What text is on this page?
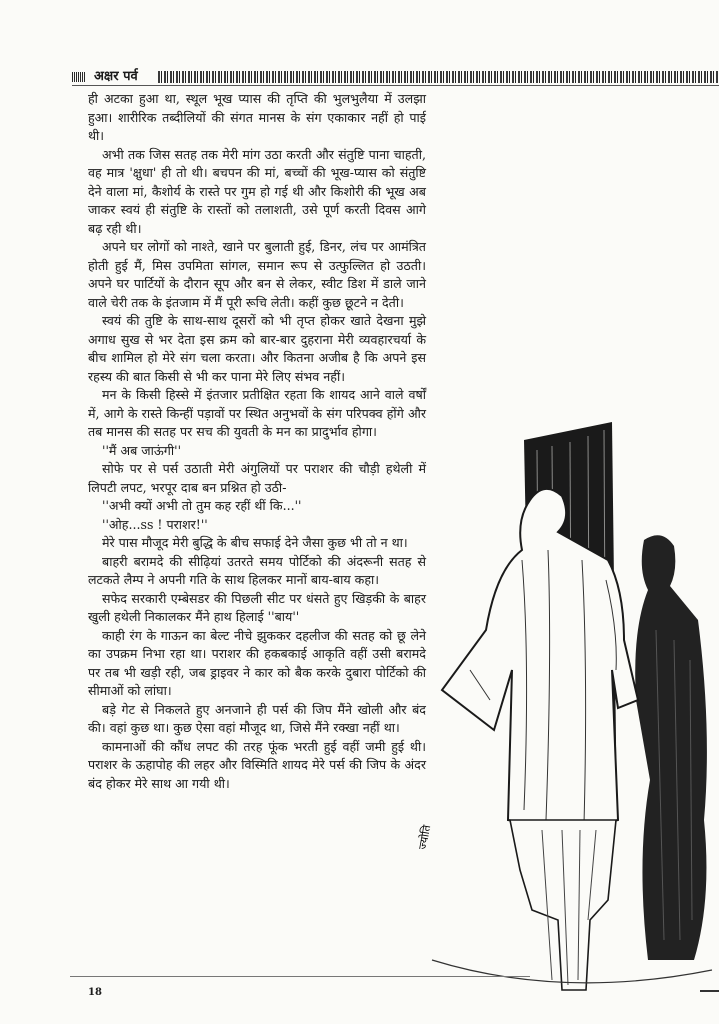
अक्षर पर्व

ही अटका हुआ था, स्थूल भूख प्यास की तृप्ति की भुलभुलैया में उलझा हुआ। शारीरिक तब्दीलियों की संगत मानस के संग एकाकार नहीं हो पाई थी।

अभी तक जिस सतह तक मेरी मांग उठा करती और संतुष्टि पाना चाहती, वह मात्र 'क्षुधा' ही तो थी। बचपन की मां, बच्चों की भूख-प्यास को संतुष्टि देने वाला मां, कैशोर्य के रास्ते पर गुम हो गई थी और किशोरी की भूख अब जाकर स्वयं ही संतुष्टि के रास्तों को तलाशती, उसे पूर्ण करती दिवस आगे बढ़ रही थी।

अपने घर लोगों को नाश्ते, खाने पर बुलाती हुई, डिनर, लंच पर आमंत्रित होती हुई मैं, मिस उपमिता सांगल, समान रूप से उत्फुल्लित हो उठती। अपने घर पार्टियों के दौरान सूप और बन से लेकर, स्वीट डिश में डाले जाने वाले चेरी तक के इंतजाम में मैं पूरी रूचि लेती। कहीं कुछ छूटने न देती।

स्वयं की तुष्टि के साथ-साथ दूसरों को भी तृप्त होकर खाते देखना मुझे अगाध सुख से भर देता इस क्रम को बार-बार दुहराना मेरी व्यवहारचर्या के बीच शामिल हो मेरे संग चला करता। और कितना अजीब है कि अपने इस रहस्य की बात किसी से भी कर पाना मेरे लिए संभव नहीं।

मन के किसी हिस्से में इंतजार प्रतीक्षित रहता कि शायद आने वाले वर्षों में, आगे के रास्ते किन्हीं पड़ावों पर स्थित अनुभवों के संग परिपक्व होंगे और तब मानस की सतह पर सच की युवती के मन का प्रादुर्भाव होगा।

''मैं अब जाऊंगी''

सोफे पर से पर्स उठाती मेरी अंगुलियों पर पराशर की चौड़ी हथेली में लिपटी लपट, भरपूर दाब बन प्रश्नित हो उठी-

''अभी क्यों अभी तो तुम कह रहीं थीं कि...''

''ओह...ss ! पराशर!''

मेरे पास मौजूद मेरी बुद्धि के बीच सफाई देने जैसा कुछ भी तो न था।

बाहरी बरामदे की सीढ़ियां उतरते समय पोर्टिको की अंदरूनी सतह से लटकते लैम्प ने अपनी गति के साथ हिलकर मानों बाय-बाय कहा।

सफेद सरकारी एम्बेसडर की पिछली सीट पर धंसते हुए खिड़की के बाहर खुली हथेली निकालकर मैंने हाथ हिलाई ''बाय''

काही रंग के गाऊन का बेल्ट नीचे झुककर दहलीज की सतह को छू लेने का उपक्रम निभा रहा था। पराशर की हकबकाई आकृति वहीं उसी बरामदे पर तब भी खड़ी रही, जब ड्राइवर ने कार को बैक करके दुबारा पोर्टिको की सीमाओं को लांघा।

बड़े गेट से निकलते हुए अनजाने ही पर्स की जिप मैंने खोली और बंद की। वहां कुछ था। कुछ ऐसा वहां मौजूद था, जिसे मैंने रक्खा नहीं था।

कामनाओं की कौंध लपट की तरह फूंक भरती हुई वहीं जमी हुई थी। पराशर के ऊहापोह की लहर और विस्मिति शायद मेरे पर्स की जिप के अंदर बंद होकर मेरे साथ आ गयी थी।

ज्योति
18
